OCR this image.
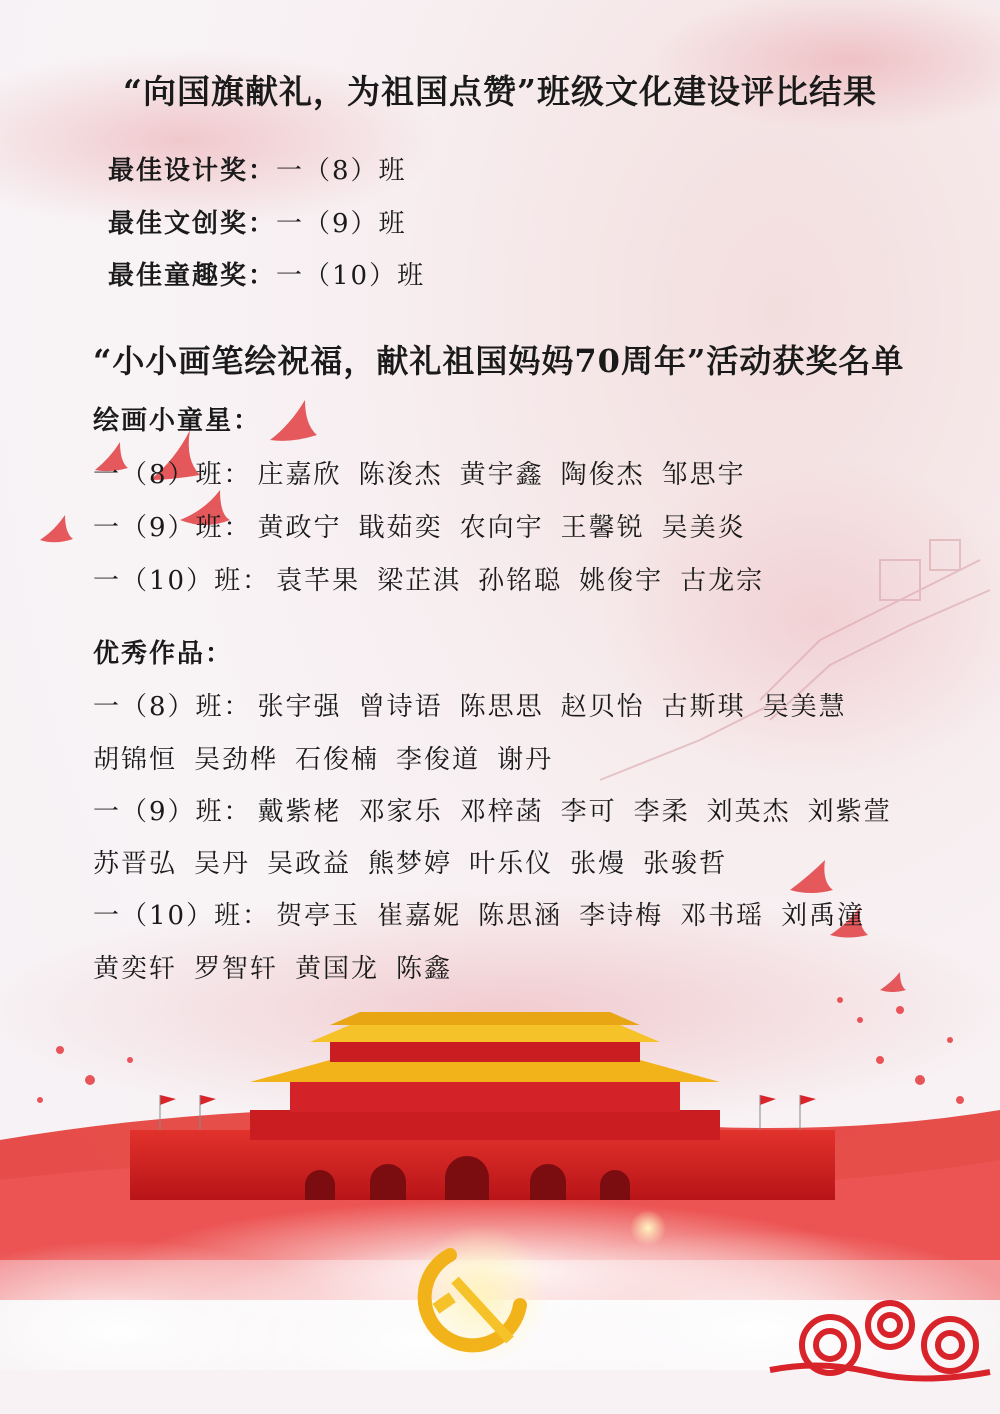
“向国旗献礼，为祖国点赞”班级文化建设评比结果
最佳设计奖：一（8）班
最佳文创奖：一（9）班
最佳童趣奖：一（10）班
“小小画笔绘祝福，献礼祖国妈妈70周年”活动获奖名单
绘画小童星：
一（8）班： 庄嘉欣 陈浚杰 黄宇鑫 陶俊杰 邹思宇
一（9）班： 黄政宁 戢茹奕 农向宇 王馨锐 吴美炎
一（10）班： 袁芊果 梁芷淇 孙铭聪 姚俊宇 古龙宗
优秀作品：
一（8）班： 张宇强 曾诗语 陈思思 赵贝怡 古斯琪 吴美慧
胡锦恒 吴劲桦 石俊楠 李俊道 谢丹
一（9）班： 戴紫栳 邓家乐 邓梓菡 李可 李柔 刘英杰 刘紫萱
苏晋弘 吴丹 吴政益 熊梦婷 叶乐仪 张熳 张骏哲
一（10）班： 贺亭玉 崔嘉妮 陈思涵 李诗梅 邓书瑶 刘禹潼
黄奕轩 罗智轩 黄国龙 陈鑫
